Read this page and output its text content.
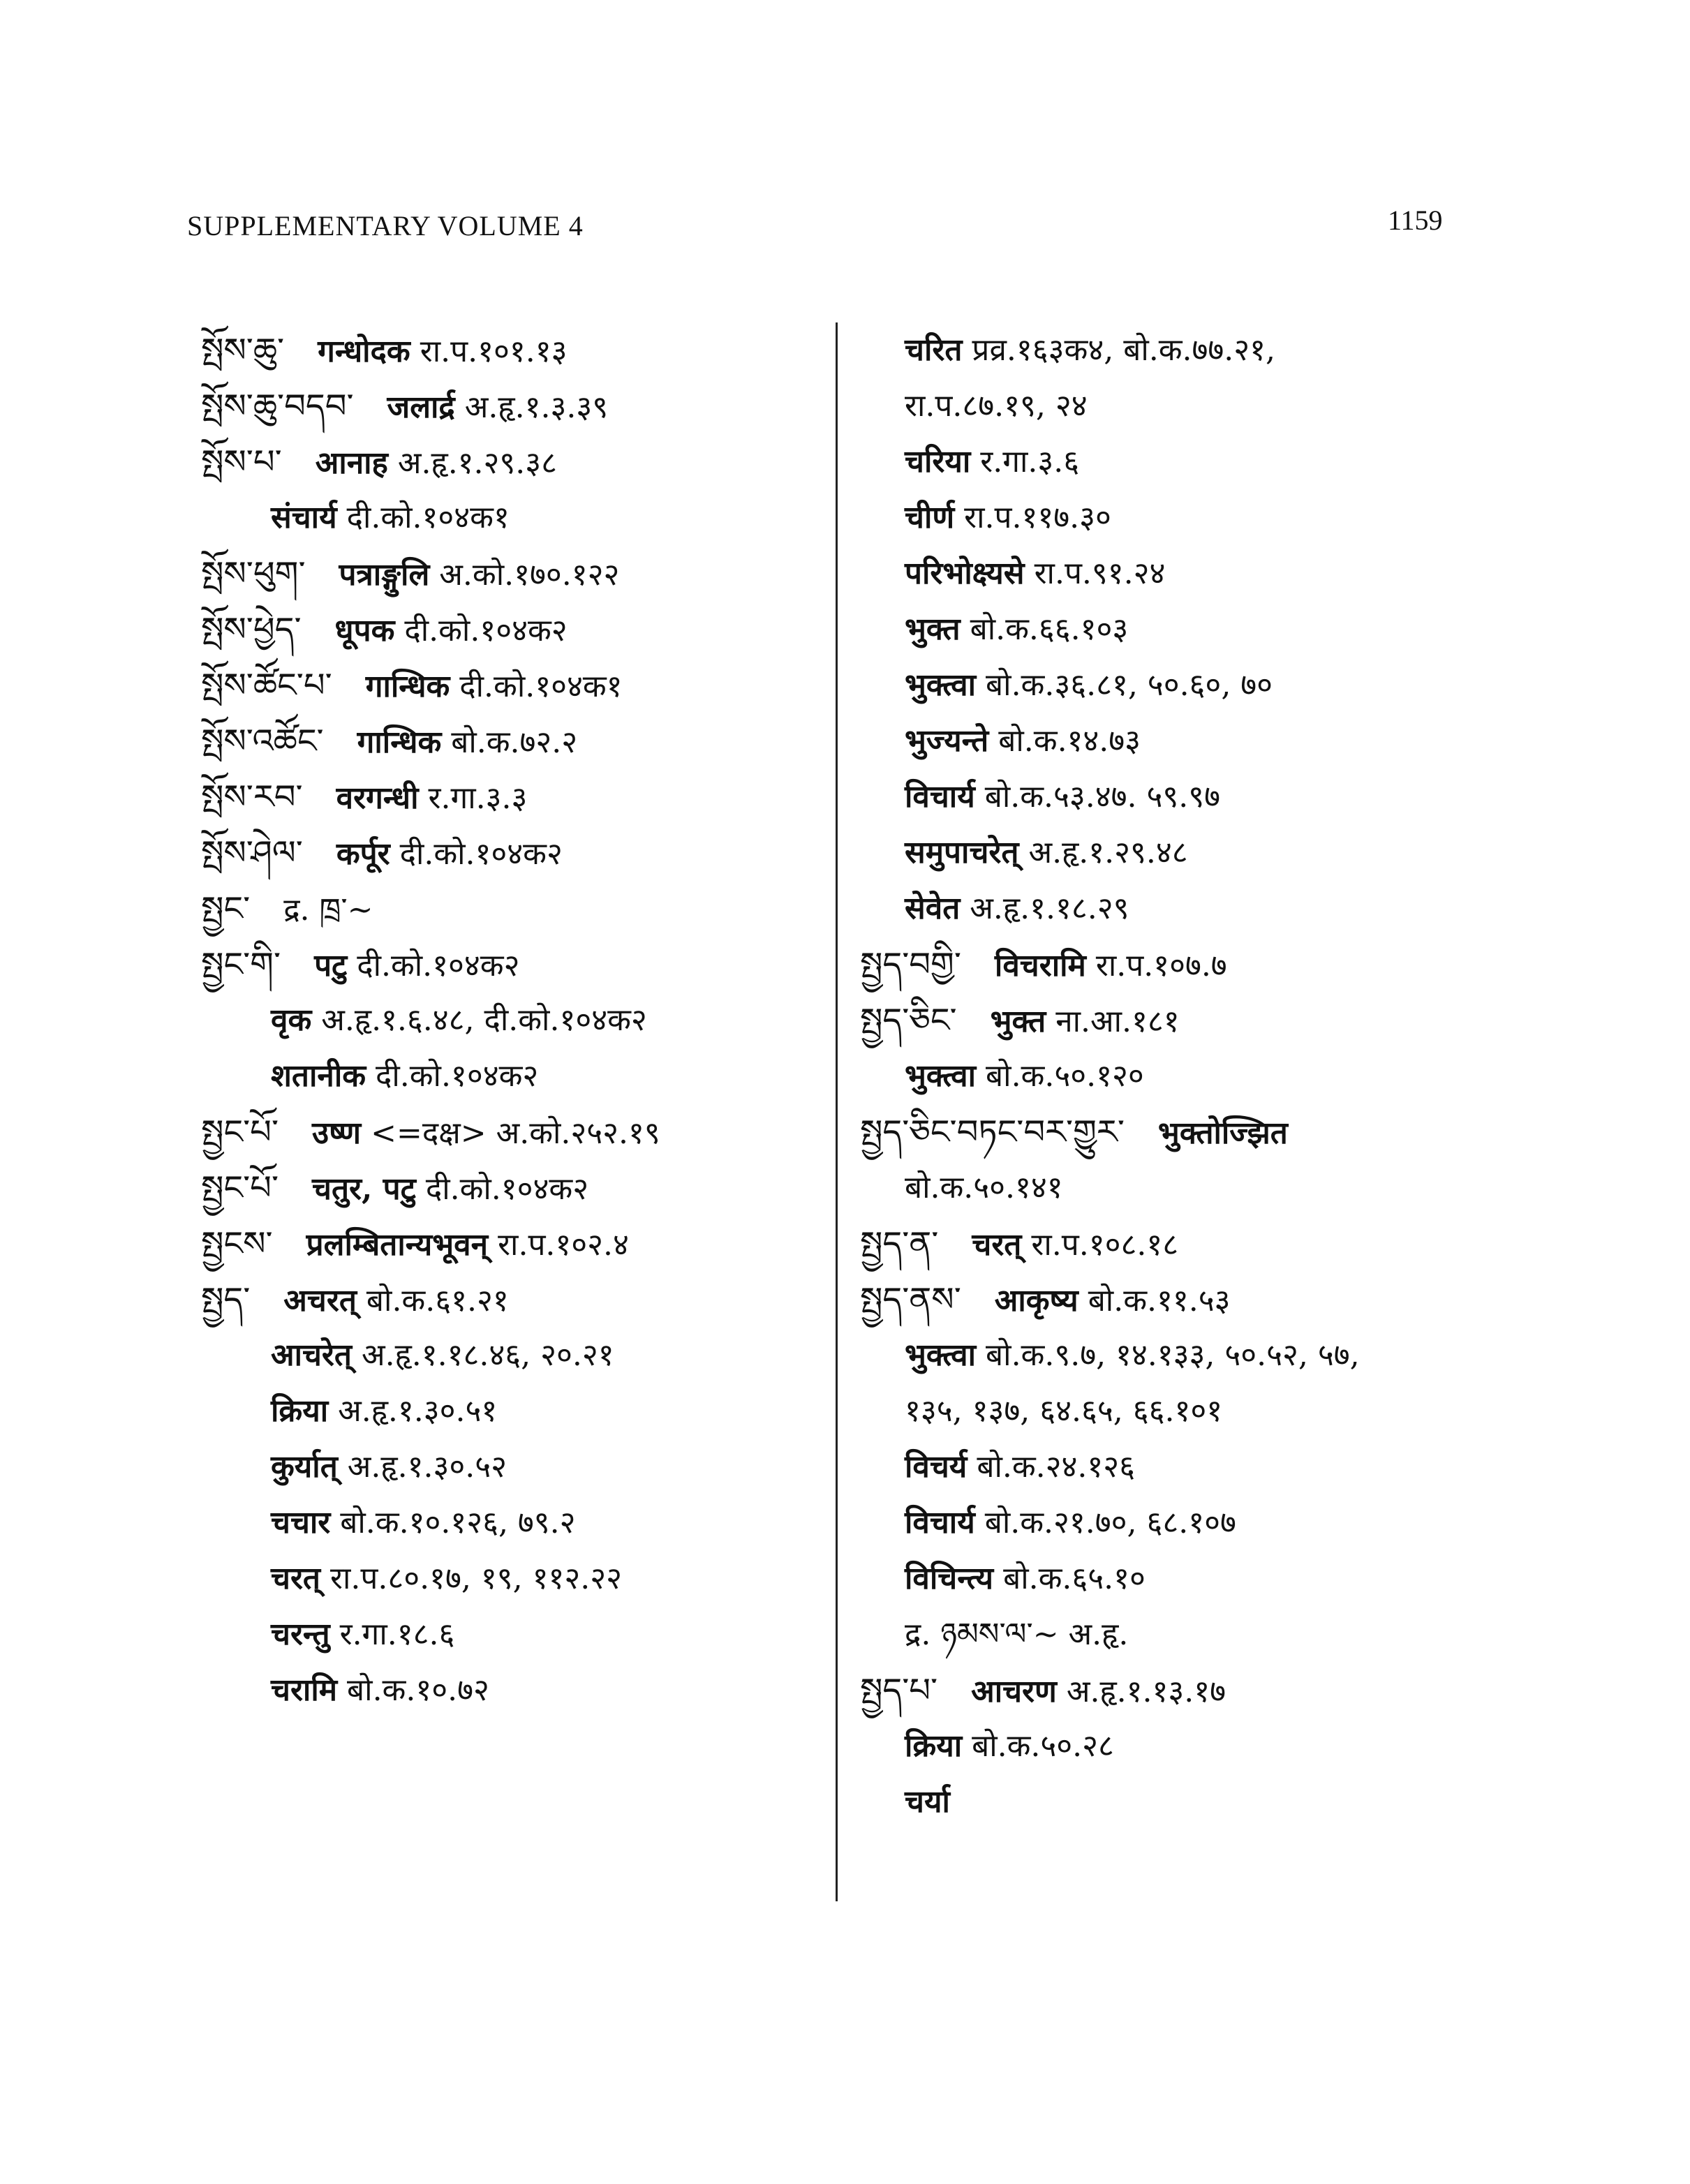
SUPPLEMENTARY VOLUME 4	1159
སྤོས་ཆུ་ गन्धोदक रा.प.१०१.१३
སྤོས་ཆུ་བདབ་ जलार्द्र अ.हृ.१.३.३९
སྤོས་པ་ आनाह अ.हृ.१.२९.३८
संचार्य दी.को.१०४क१
སྤོས་ཕུག་ पत्राङ्गुलि अ.को.१७०.१२२
སྤོས་ཕྱེད་ धूपक दी.को.१०४क२
སྤོས་ཚོང་པ་ गान्धिक दी.को.१०४क१
སྤོས་འཚོང་ गान्धिक बो.क.७२.२
སྤོས་རབ་ वरगन्धी र.गा.३.३
སྤོས་ཤེལ་ कर्पूर दी.को.१०४क२
སྤྱང་ द्र. ཁྲ་~
སྤྱང་གི་ पटु दी.को.१०४क२
वृक अ.हृ.१.६.४८, दी.को.१०४क२
शतानीक दी.को.१०४क२
སྤྱང་པོ་ उष्ण <=दक्ष> अ.को.२५२.१९
སྤྱང་པོ་ चतुर, पटु दी.को.१०४क२
སྤྱངས་ प्रलम्बितान्यभूवन् रा.प.१०२.४
སྤྱད་ अचरत् बो.क.६१.२१
आचरेत् अ.हृ.१.१८.४६, २०.२१
क्रिया अ.हृ.१.३०.५१
कुर्यात् अ.हृ.१.३०.५२
चचार बो.क.१०.१२६, ७९.२
चरत् रा.प.८०.१७, १९, ११२.२२
चरन्तु र.गा.१८.६
चरामि बो.क.१०.७२
चरित प्रव्र.१६३क४, बो.क.७७.२१,
रा.प.८७.१९, २४
चरिया र.गा.३.६
चीर्ण रा.प.११७.३०
परिभोक्ष्यसे रा.प.९१.२४
भुक्त बो.क.६६.१०३
भुक्त्वा बो.क.३६.८१, ५०.६०, ७०
भुज्यन्ते बो.क.१४.७३
विचार्य बो.क.५३.४७. ५९.९७
समुपाचरेत् अ.हृ.१.२९.४८
सेवेत अ.हृ.१.१८.२९
སྤྱད་བགྱི་ विचरामि रा.प.१०७.७
སྤྱད་ཅིང་ भुक्त ना.आ.१८१
भुक्त्वा बो.क.५०.१२०
སྤྱད་ཅིང་བཏང་བར་གྱུར་ भुक्तोज्झित
बो.क.५०.१४१
སྤྱད་ན་ चरत् रा.प.१०८.१८
སྤྱད་ནས་ आकृष्य बो.क.११.५३
भुक्त्वा बो.क.९.७, १४.१३३, ५०.५२, ५७,
१३५, १३७, ६४.६५, ६६.१०१
विचर्य बो.क.२४.१२६
विचार्य बो.क.२१.७०, ६८.१०७
विचिन्त्य बो.क.६५.१०
द्र. ཉམས་ལ་~ अ.हृ.
སྤྱད་པ་ आचरण अ.हृ.१.१३.१७
क्रिया बो.क.५०.२८
चर्या
